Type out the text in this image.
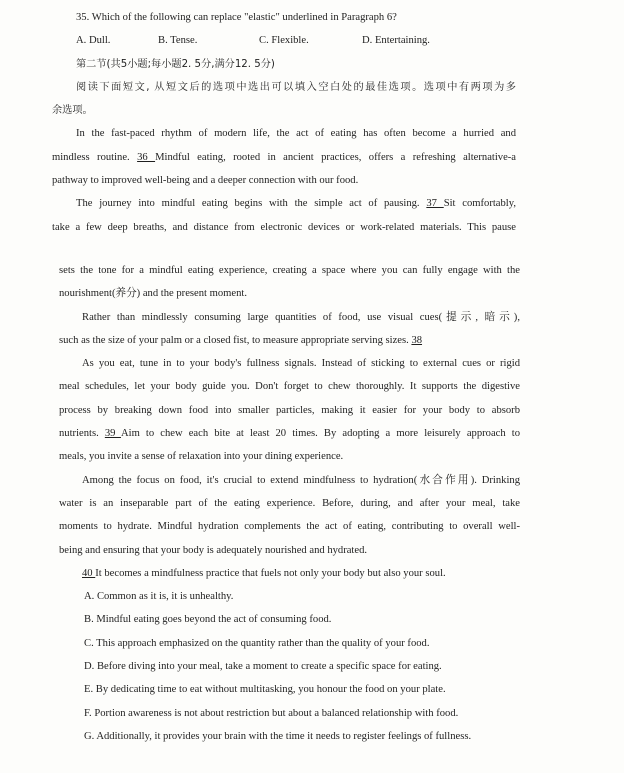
35. Which of the following can replace "elastic" underlined in Paragraph 6?
A. Dull.	B. Tense.	C. Flexible.	D. Entertaining.
第二节(共5小题;每小题2. 5分,满分12. 5分)
阅读下面短文, 从短文后的选项中选出可以填入空白处的最佳选项。选项中有两项为多
余选项。
In the fast-paced rhythm of modern life, the act of eating has often become a hurried and
mindless routine. 36 Mindful eating, rooted in ancient practices, offers a refreshing alternative-a
pathway to improved well-being and a deeper connection with our food.
The journey into mindful eating begins with the simple act of pausing. 37 Sit comfortably,
take a few deep breaths, and distance from electronic devices or work-related materials. This pause
sets the tone for a mindful eating experience, creating a space where you can fully engage with the
nourishment(养分) and the present moment.
Rather than mindlessly consuming large quantities of food, use visual cues(提示, 暗示),
such as the size of your palm or a closed fist, to measure appropriate serving sizes. 38
As you eat, tune in to your body's fullness signals. Instead of sticking to external cues or rigid
meal schedules, let your body guide you. Don't forget to chew thoroughly. It supports the digestive
process by breaking down food into smaller particles, making it easier for your body to absorb
nutrients. 39 Aim to chew each bite at least 20 times. By adopting a more leisurely approach to
meals, you invite a sense of relaxation into your dining experience.
Among the focus on food, it's crucial to extend mindfulness to hydration(水合作用). Drinking
water is an inseparable part of the eating experience. Before, during, and after your meal, take
moments to hydrate. Mindful hydration complements the act of eating, contributing to overall well-
being and ensuring that your body is adequately nourished and hydrated.
40 It becomes a mindfulness practice that fuels not only your body but also your soul.
A. Common as it is, it is unhealthy.
B. Mindful eating goes beyond the act of consuming food.
C. This approach emphasized on the quantity rather than the quality of your food.
D. Before diving into your meal, take a moment to create a specific space for eating.
E. By dedicating time to eat without multitasking, you honour the food on your plate.
F. Portion awareness is not about restriction but about a balanced relationship with food.
G. Additionally, it provides your brain with the time it needs to register feelings of fullness.
